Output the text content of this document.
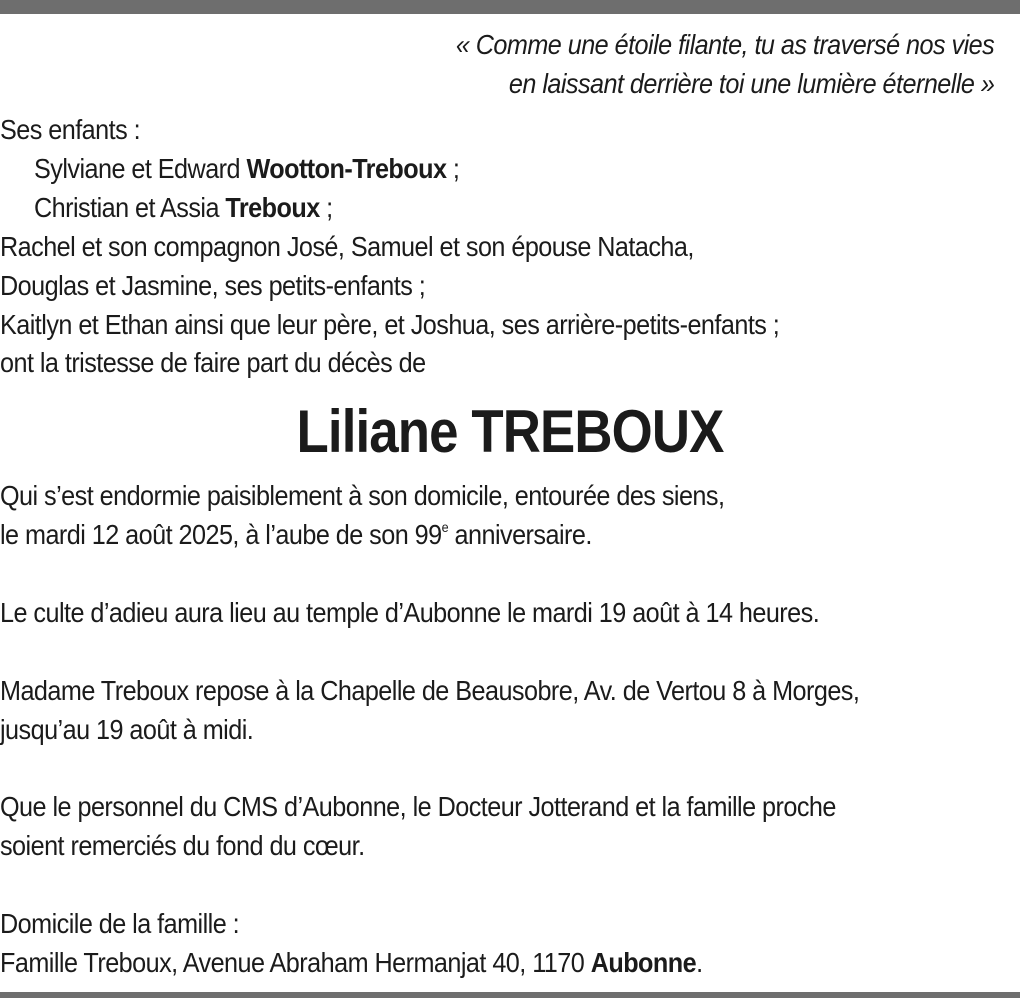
« Comme une étoile filante, tu as traversé nos vies
en laissant derrière toi une lumière éternelle »
Ses enfants :
Sylviane et Edward Wootton-Treboux ;
Christian et Assia Treboux ;
Rachel et son compagnon José, Samuel et son épouse Natacha,
Douglas et Jasmine, ses petits-enfants ;
Kaitlyn et Ethan ainsi que leur père, et Joshua, ses arrière-petits-enfants ;
ont la tristesse de faire part du décès de
Liliane TREBOUX
Qui s’est endormie paisiblement à son domicile, entourée des siens,
le mardi 12 août 2025, à l’aube de son 99e anniversaire.
Le culte d’adieu aura lieu au temple d’Aubonne le mardi 19 août à 14 heures.
Madame Treboux repose à la Chapelle de Beausobre, Av. de Vertou 8 à Morges,
jusqu’au 19 août à midi.
Que le personnel du CMS d’Aubonne, le Docteur Jotterand et la famille proche
soient remerciés du fond du cœur.
Domicile de la famille :
Famille Treboux, Avenue Abraham Hermanjat 40, 1170 Aubonne.
